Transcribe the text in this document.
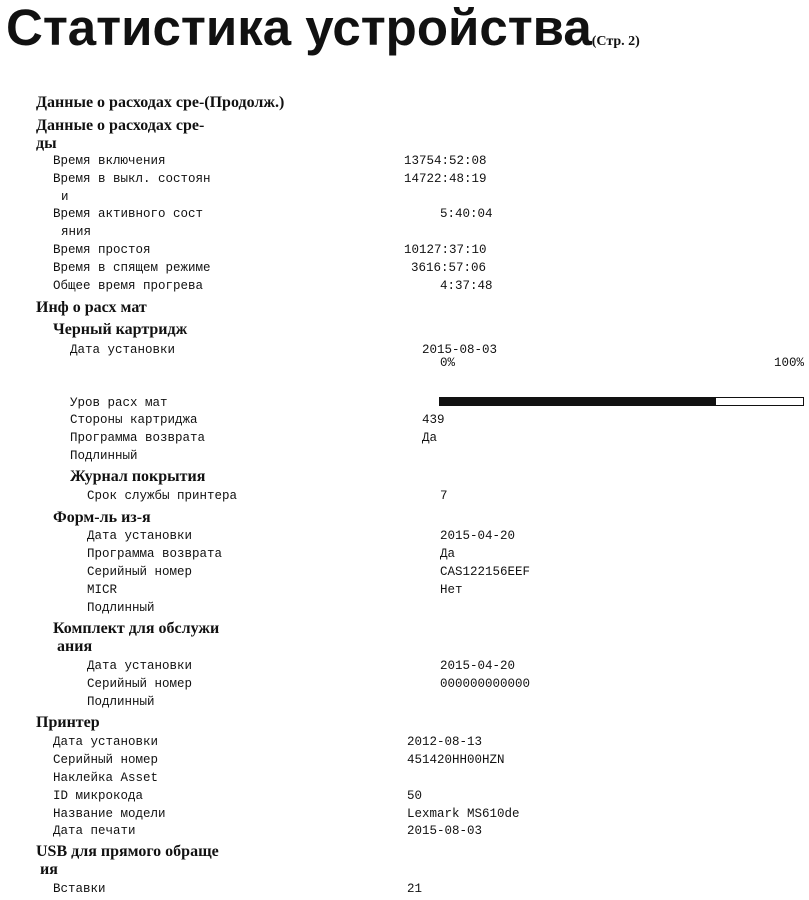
Статистика устройства(Стр. 2)
Данные о расходах сре-(Продолж.)
Данные о расходах сре-
ды
Время включения	13754:52:08
Время в выкл. состоян	14722:48:19
и
Время активного сост	5:40:04
яния
Время простоя	10127:37:10
Время в спящем режиме	3616:57:06
Общее время прогрева	4:37:48
Инф о расх мат
Черный картридж
Дата установки	2015-08-03
0%	100%
Уров расх мат
Стороны картриджа	439
Программа возврата	Да
Подлинный
Журнал покрытия
Срок службы принтера	7
Форм-ль из-я
Дата установки	2015-04-20
Программа возврата	Да
Серийный номер	CAS122156EEF
MICR	Нет
Подлинный
Комплект для обслужи
ания
Дата установки	2015-04-20
Серийный номер	000000000000
Подлинный
Принтер
Дата установки	2012-08-13
Серийный номер	451420HH00HZN
Наклейка Asset
ID микрокода	50
Название модели	Lexmark MS610de
Дата печати	2015-08-03
USB для прямого обраще
ия
Вставки	21
